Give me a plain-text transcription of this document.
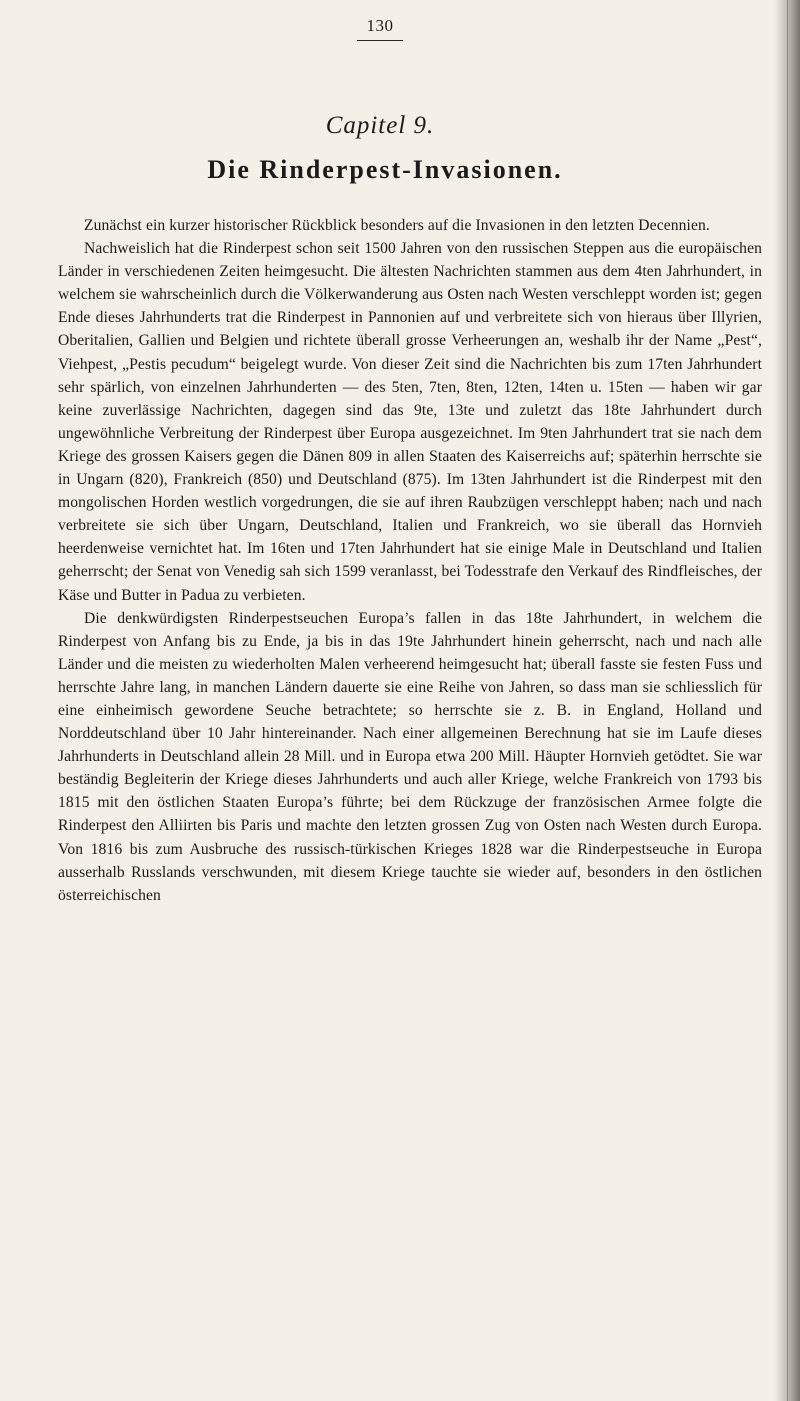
130
Capitel 9.
Die Rinderpest-Invasionen.

Zunächst ein kurzer historischer Rückblick besonders auf die Invasionen in den letzten Decennien.

Nachweislich hat die Rinderpest schon seit 1500 Jahren von den russischen Steppen aus die europäischen Länder in verschiedenen Zeiten heimgesucht. Die ältesten Nachrichten stammen aus dem 4ten Jahrhundert, in welchem sie wahrscheinlich durch die Völkerwanderung aus Osten nach Westen verschleppt worden ist; gegen Ende dieses Jahrhunderts trat die Rinderpest in Pannonien auf und verbreitete sich von hieraus über Illyrien, Oberitalien, Gallien und Belgien und richtete überall grosse Verheerungen an, weshalb ihr der Name „Pest“, Viehpest, „Pestis pecudum“ beigelegt wurde. Von dieser Zeit sind die Nachrichten bis zum 17ten Jahrhundert sehr spärlich, von einzelnen Jahrhunderten — des 5ten, 7ten, 8ten, 12ten, 14ten u. 15ten — haben wir gar keine zuverlässige Nachrichten, dagegen sind das 9te, 13te und zuletzt das 18te Jahrhundert durch ungewöhnliche Verbreitung der Rinderpest über Europa ausgezeichnet. Im 9ten Jahrhundert trat sie nach dem Kriege des grossen Kaisers gegen die Dänen 809 in allen Staaten des Kaiserreichs auf; späterhin herrschte sie in Ungarn (820), Frankreich (850) und Deutschland (875). Im 13ten Jahrhundert ist die Rinderpest mit den mongolischen Horden westlich vorgedrungen, die sie auf ihren Raubzügen verschleppt haben; nach und nach verbreitete sie sich über Ungarn, Deutschland, Italien und Frankreich, wo sie überall das Hornvieh heerdenweise vernichtet hat. Im 16ten und 17ten Jahrhundert hat sie einige Male in Deutschland und Italien geherrscht; der Senat von Venedig sah sich 1599 veranlasst, bei Todesstrafe den Verkauf des Rindfleisches, der Käse und Butter in Padua zu verbieten.

Die denkwürdigsten Rinderpestseuchen Europa’s fallen in das 18te Jahrhundert, in welchem die Rinderpest von Anfang bis zu Ende, ja bis in das 19te Jahrhundert hinein geherrscht, nach und nach alle Länder und die meisten zu wiederholten Malen verheerend heimgesucht hat; überall fasste sie festen Fuss und herrschte Jahre lang, in manchen Ländern dauerte sie eine Reihe von Jahren, so dass man sie schliesslich für eine einheimisch gewordene Seuche betrachtete; so herrschte sie z. B. in England, Holland und Norddeutschland über 10 Jahr hintereinander. Nach einer allgemeinen Berechnung hat sie im Laufe dieses Jahrhunderts in Deutschland allein 28 Mill. und in Europa etwa 200 Mill. Häupter Hornvieh getödtet. Sie war beständig Begleiterin der Kriege dieses Jahrhunderts und auch aller Kriege, welche Frankreich von 1793 bis 1815 mit den östlichen Staaten Europa’s führte; bei dem Rückzuge der französischen Armee folgte die Rinderpest den Alliirten bis Paris und machte den letzten grossen Zug von Osten nach Westen durch Europa. Von 1816 bis zum Ausbruche des russisch-türkischen Krieges 1828 war die Rinderpestseuche in Europa ausserhalb Russlands verschwunden, mit diesem Kriege tauchte sie wieder auf, besonders in den östlichen österreichischen
